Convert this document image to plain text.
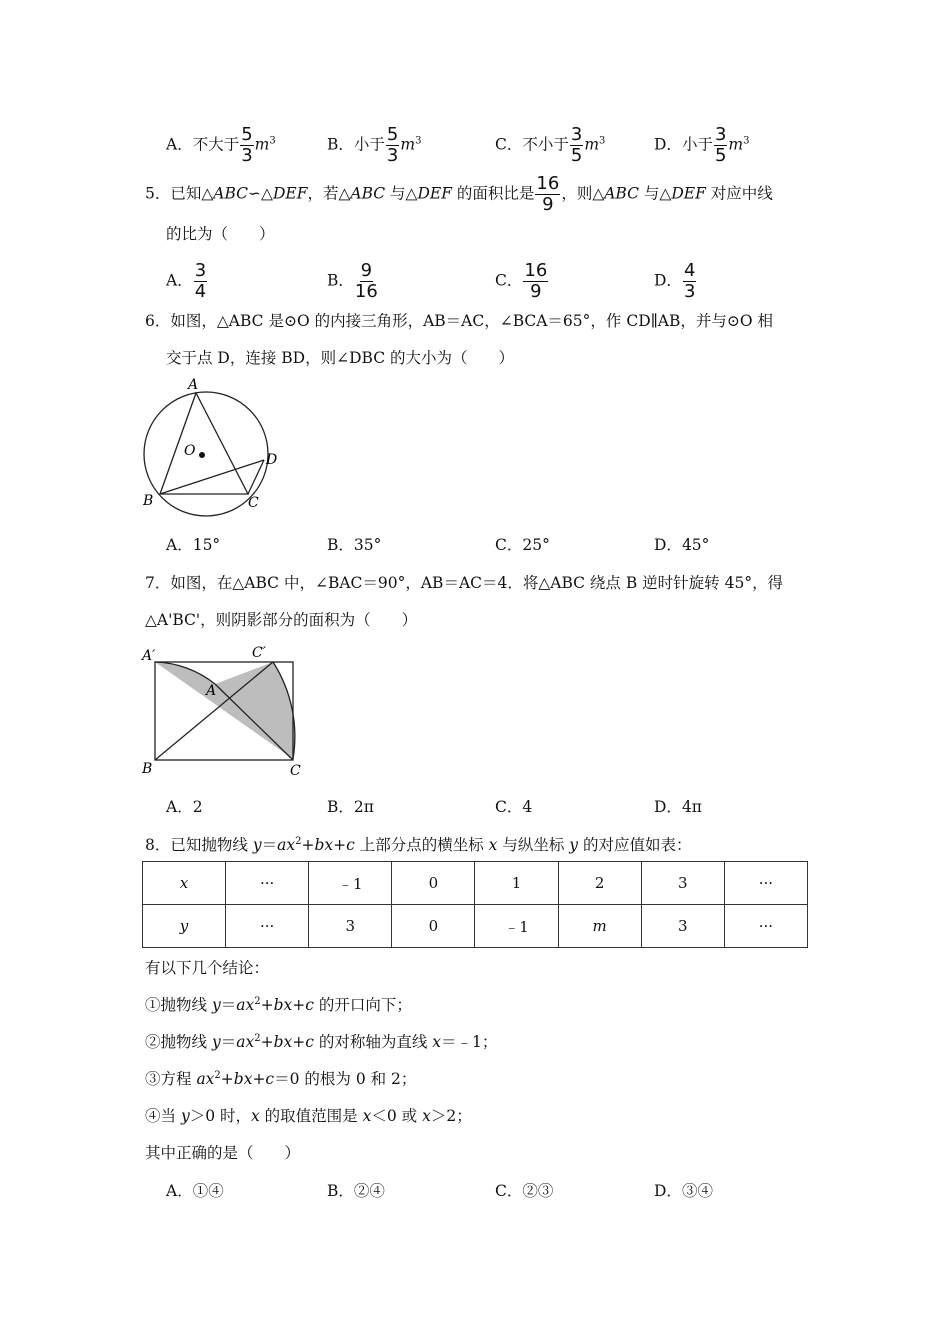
A．不大于 $\frac{5}{3} m^3$	B．小于 $\frac{5}{3} m^3$	C．不小于 $\frac{3}{5} m^3$	D．小于 $\frac{3}{5} m^3$
5．已知△ABC∽△DEF，若△ABC 与△DEF 的面积比是 $\frac{16}{9}$ ，则△ABC 与△DEF 对应中线
的比为（　　）
A． $\frac{3}{4}$	B． $\frac{9}{16}$	C． $\frac{16}{9}$	D． $\frac{4}{3}$
6．如图，△ABC 是⊙O 的内接三角形，AB＝AC，∠BCA＝65°，作 CD∥AB，并与⊙O 相
交于点 D，连接 BD，则∠DBC 的大小为（　　）
A
O
D
B	C
A．15°	B．35°	C．25°	D．45°
7．如图，在△ABC 中，∠BAC＝90°，AB＝AC＝4．将△ABC 绕点 B 逆时针旋转 45°，得
△A'BC'，则阴影部分的面积为（　　）
A′	C′
A
B	C
A．2	B．2π	C．4	D．4π
8．已知抛物线 $y=ax^2+bx+c$ 上部分点的横坐标 x 与纵坐标 y 的对应值如表：
x	···	﹣1	0	1	2	3	···
y	···	3	0	﹣1	m	3	···
有以下几个结论：
①抛物线 $y=ax^2+bx+c$ 的开口向下；
②抛物线 $y=ax^2+bx+c$ 的对称轴为直线 x＝﹣1；
③方程 $ax^2+bx+c=0$ 的根为 0 和 2；
④当 y＞0 时，x 的取值范围是 x＜0 或 x＞2；
其中正确的是（　　）
A．①④	B．②④	C．②③	D．③④
